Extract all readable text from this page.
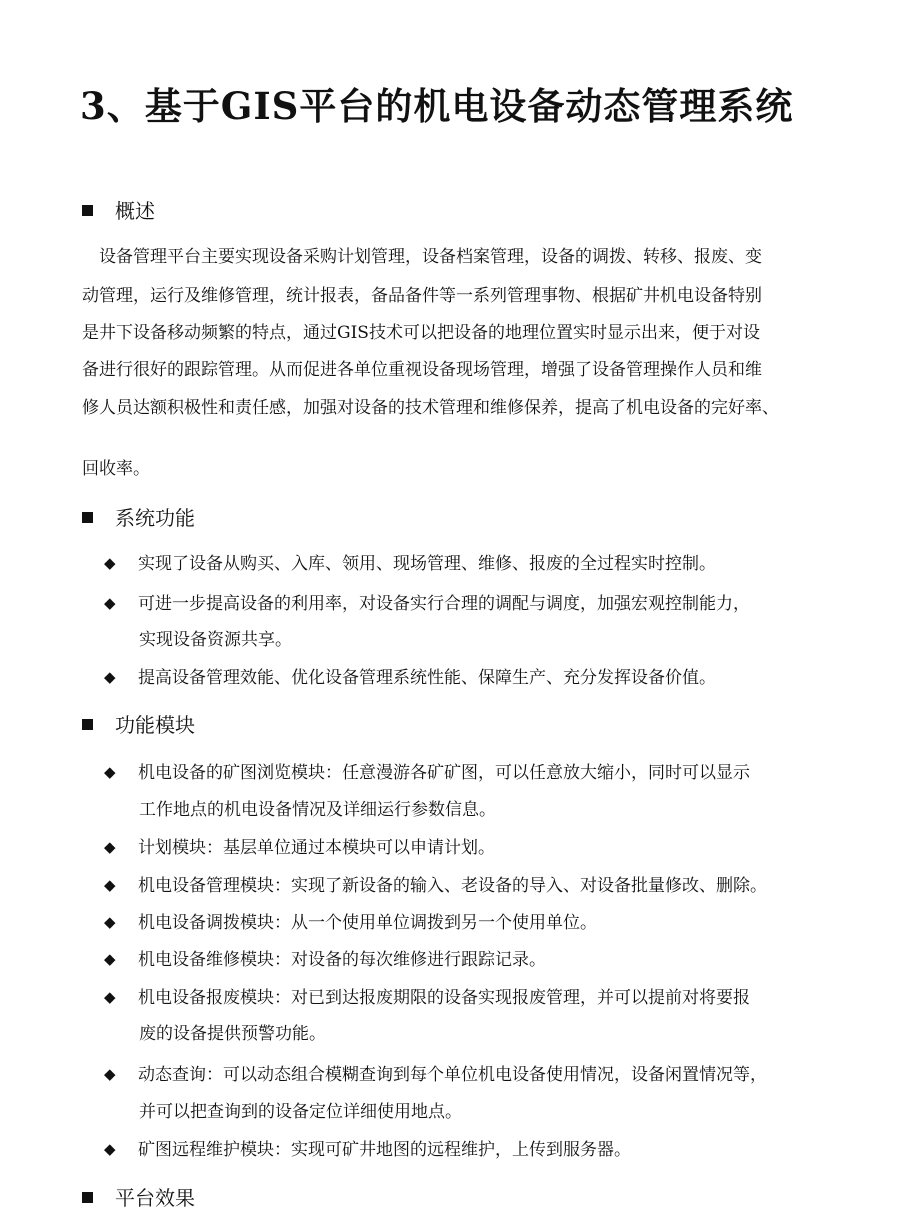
3、基于GIS平台的机电设备动态管理系统
概述

设备管理平台主要实现设备采购计划管理，设备档案管理，设备的调拨、转移、报废、变

动管理，运行及维修管理，统计报表，备品备件等一系列管理事物、根据矿井机电设备特别

是井下设备移动频繁的特点，通过GIS技术可以把设备的地理位置实时显示出来，便于对设

备进行很好的跟踪管理。从而促进各单位重视设备现场管理，增强了设备管理操作人员和维

修人员达额积极性和责任感，加强对设备的技术管理和维修保养，提高了机电设备的完好率、

回收率。

系统功能

◆ 实现了设备从购买、入库、领用、现场管理、维修、报废的全过程实时控制。

◆ 可进一步提高设备的利用率，对设备实行合理的调配与调度，加强宏观控制能力，

实现设备资源共享。

◆ 提高设备管理效能、优化设备管理系统性能、保障生产、充分发挥设备价值。

功能模块

◆ 机电设备的矿图浏览模块：任意漫游各矿矿图，可以任意放大缩小，同时可以显示

工作地点的机电设备情况及详细运行参数信息。

◆ 计划模块：基层单位通过本模块可以申请计划。

◆ 机电设备管理模块：实现了新设备的输入、老设备的导入、对设备批量修改、删除。

◆ 机电设备调拨模块：从一个使用单位调拨到另一个使用单位。

◆ 机电设备维修模块：对设备的每次维修进行跟踪记录。

◆ 机电设备报废模块：对已到达报废期限的设备实现报废管理，并可以提前对将要报

废的设备提供预警功能。

◆ 动态查询：可以动态组合模糊查询到每个单位机电设备使用情况，设备闲置情况等，

并可以把查询到的设备定位详细使用地点。

◆ 矿图远程维护模块：实现可矿井地图的远程维护，上传到服务器。

平台效果
